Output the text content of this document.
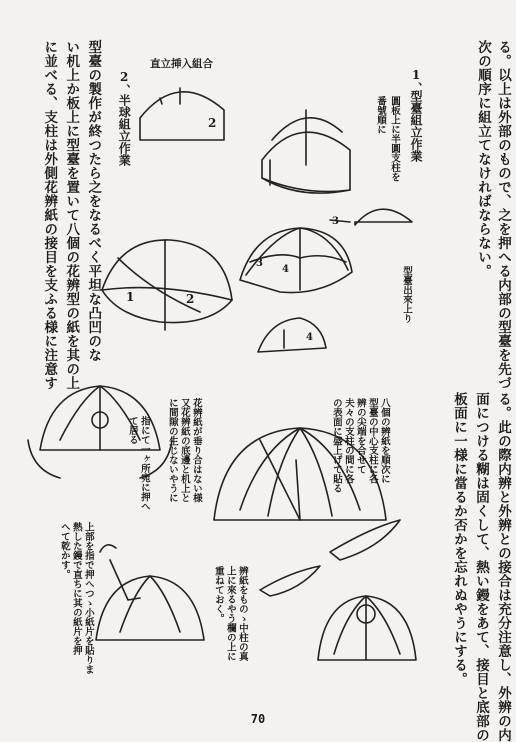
る。以上は外部のもので、之を押へる内部の型臺を先づ
次の順序に組立てなければならない。
1、
型臺組立作業
圓板上に半圓支柱を
番號順に
型臺出來上り
直立挿入組合
2、
半球組立作業
型臺の製作が終つたら之をなるべく平坦な凸凹のな
い机上か板上に型臺を置いて八個の花辨型の紙を其の上
に並べる、支柱は外側花辨紙の接目を支ふる様に注意す
る。此の際内辨と外辨との接合は充分注意し、外辨の内
面につける糊は固くして、熱い鏝をあて、接目と底部の
板面に一様に當るか否かを忘れぬやうにする。
指にて一ヶ所宛に押へ
て居る	花辨紙が垂り合はない様
又花辨紙の底邊と机上と
に間隙の生じないやうに	八個の辨紙を順次に
型臺の中心支柱に各
辨の尖端を合せて
夫々の支柱の間に各
の表面に盛上げて貼る
上部を指で押へつゝ小紙片を貼りま
熱した鏝で直ちに其の紙片を押
へて乾かす。
辨紙をものゝ中柱の真
上に來るやう欄の上に
重ねておく。
2
1	2
3
4
3
4
70
